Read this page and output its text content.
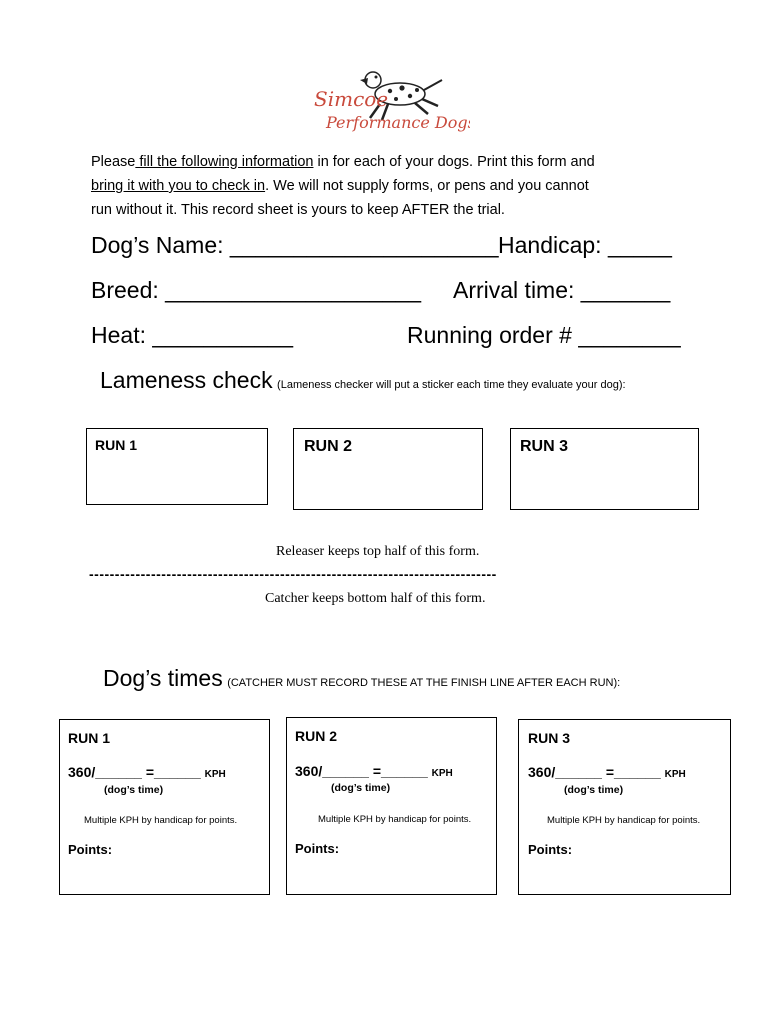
Simcoe
Performance Dogs

Please fill the following information in for each of your dogs. Print this form and

bring it with you to check in. We will not supply forms, or pens and you cannot

run without it. This record sheet is yours to keep AFTER the trial.

Dog’s Name: _____________________ Handicap: _____
Breed: ____________________ Arrival time: _______
Heat: ___________	Running order # ________
Lameness check (Lameness checker will put a sticker each time they evaluate your dog):
RUN 1	RUN 2	RUN 3
Releaser keeps top half of this form.
-------------------------------------------------------------------------------
Catcher keeps bottom half of this form.
Dog’s times (CATCHER MUST RECORD THESE AT THE FINISH LINE AFTER EACH RUN):
RUN 1
360/______ =______ KPH
(dog’s time)
Multiple KPH by handicap for points.
Points:
RUN 2
360/______ =______ KPH
(dog’s time)
Multiple KPH by handicap for points.
Points:
RUN 3
360/______ =______ KPH
(dog’s time)
Multiple KPH by handicap for points.
Points:
